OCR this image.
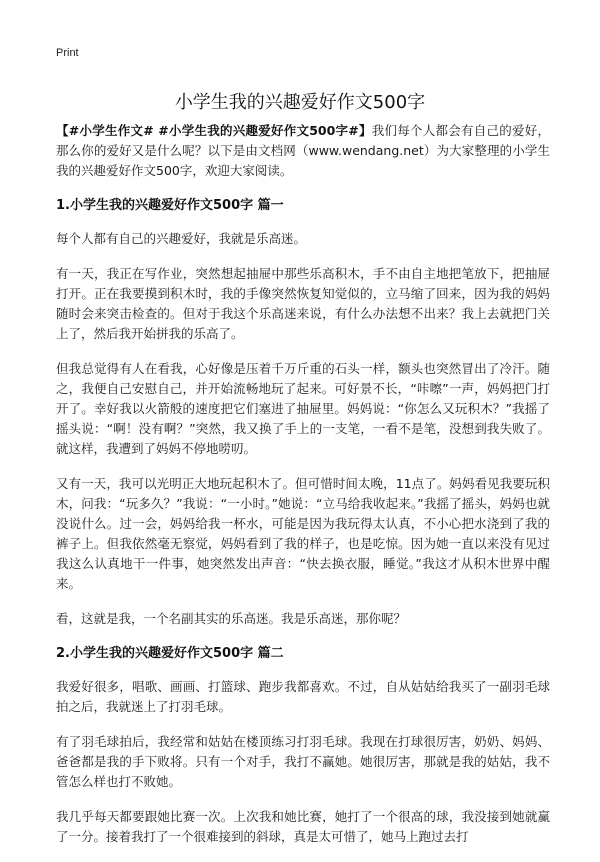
Print
小学生我的兴趣爱好作文500字

【#小学生作文# #小学生我的兴趣爱好作文500字#】我们每个人都会有自己的爱好，那么你的爱好又是什么呢？以下是由文档网（www.wendang.net）为大家整理的小学生我的兴趣爱好作文500字，欢迎大家阅读。

1.小学生我的兴趣爱好作文500字 篇一

每个人都有自己的兴趣爱好，我就是乐高迷。

有一天，我正在写作业，突然想起抽屉中那些乐高积木，手不由自主地把笔放下，把抽屉打开。正在我要摸到积木时，我的手像突然恢复知觉似的，立马缩了回来，因为我的妈妈随时会来突击检查的。但对于我这个乐高迷来说，有什么办法想不出来？我上去就把门关上了，然后我开始拼我的乐高了。

但我总觉得有人在看我，心好像是压着千万斤重的石头一样，额头也突然冒出了冷汗。随之，我便自己安慰自己，并开始流畅地玩了起来。可好景不长，“咔嚓”一声，妈妈把门打开了。幸好我以火箭般的速度把它们塞进了抽屉里。妈妈说：“你怎么又玩积木？”我摇了摇头说：“啊！没有啊？”突然，我又换了手上的一支笔，一看不是笔，没想到我失败了。就这样，我遭到了妈妈不停地唠叨。

又有一天，我可以光明正大地玩起积木了。但可惜时间太晚，11点了。妈妈看见我要玩积木，问我：“玩多久？”我说：“一小时。”她说：“立马给我收起来。”我摇了摇头，妈妈也就没说什么。过一会，妈妈给我一杯水，可能是因为我玩得太认真，不小心把水浇到了我的裤子上。但我依然毫无察觉，妈妈看到了我的样子，也是吃惊。因为她一直以来没有见过我这么认真地干一件事，她突然发出声音：“快去换衣服，睡觉。”我这才从积木世界中醒来。

看，这就是我，一个名副其实的乐高迷。我是乐高迷，那你呢？

2.小学生我的兴趣爱好作文500字 篇二

我爱好很多，唱歌、画画、打篮球、跑步我都喜欢。不过，自从姑姑给我买了一副羽毛球拍之后，我就迷上了打羽毛球。

有了羽毛球拍后，我经常和姑姑在楼顶练习打羽毛球。我现在打球很厉害，奶奶、妈妈、爸爸都是我的手下败将。只有一个对手，我打不赢她。她很厉害，那就是我的姑姑，我不管怎么样也打不败她。

我几乎每天都要跟她比赛一次。上次我和她比赛，她打了一个很高的球，我没接到她就赢了一分。接着我打了一个很难接到的斜球，真是太可惜了，她马上跑过去打
